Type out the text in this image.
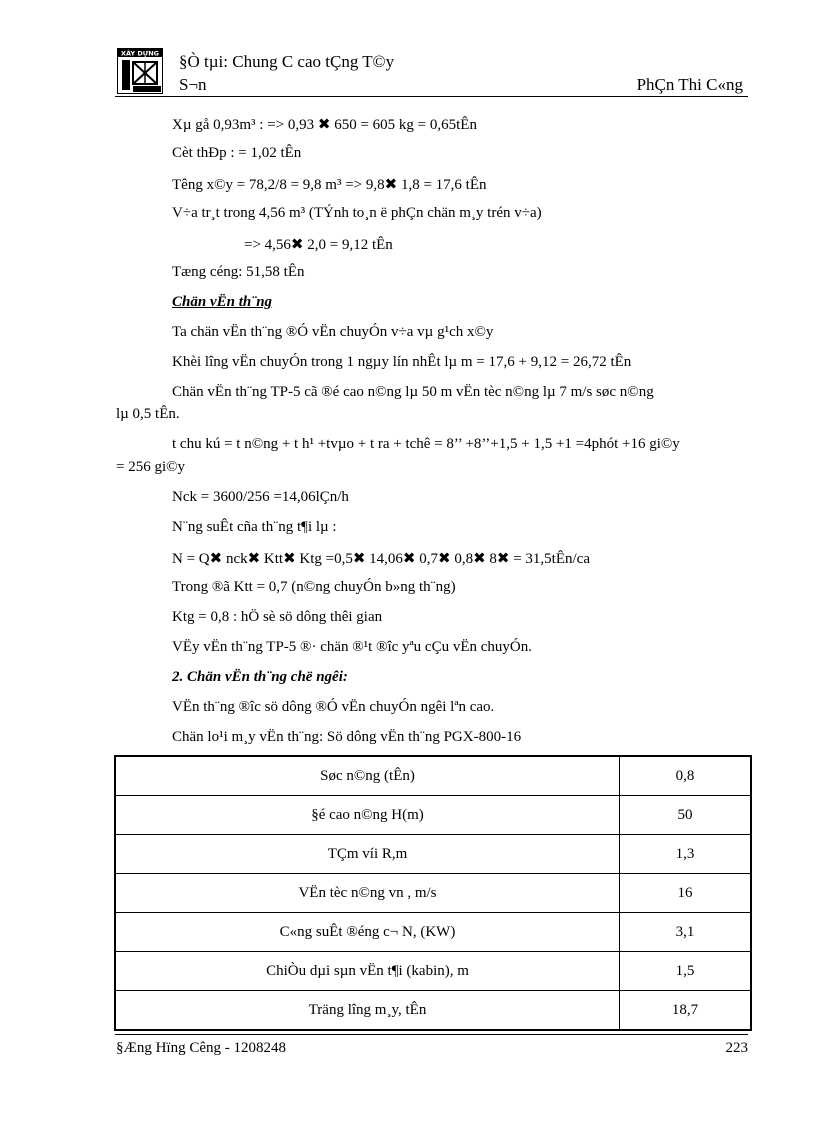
XÂY DỰNG §Ò tµi: Chung C cao tÇng T©y
S¬n	PhÇn Thi C«ng
Xµ gå 0,93m³ : => 0,93 ✖ 650 = 605 kg = 0,65tÊn
Cèt thÐp : = 1,02 tÊn
Têng x©y = 78,2/8 = 9,8 m³ => 9,8✖ 1,8 = 17,6 tÊn
V÷a tr¸t trong 4,56 m³ (TÝnh to¸n ë phÇn chän m¸y trén v÷a)
=> 4,56✖ 2,0 = 9,12 tÊn
Tæng céng: 51,58 tÊn
Chän vËn th¨ng
Ta chän vËn th¨ng ®Ó vËn chuyÓn v÷a vµ g¹ch x©y
Khèi lîng vËn chuyÓn trong 1 ngµy lín nhÊt lµ m = 17,6 + 9,12 = 26,72 tÊn
Chän vËn th¨ng TP-5 cã ®é cao n©ng lµ 50 m vËn tèc n©ng lµ 7 m/s søc n©ng
lµ 0,5 tÊn.
t chu kú = t n©ng + t h¹ +tvµo + t ra + tchê = 8’’ +8’’+1,5 + 1,5 +1 =4phót +16 gi©y
= 256 gi©y
Nck = 3600/256 =14,06lÇn/h
N¨ng suÊt cña th¨ng t¶i lµ :
N = Q✖ nck✖ Ktt✖ Ktg =0,5✖ 14,06✖ 0,7✖ 0,8✖ 8✖ = 31,5tÊn/ca
Trong ®ã Ktt = 0,7 (n©ng chuyÓn b»ng th¨ng)
Ktg = 0,8 : hÖ sè sö dông thêi gian
VËy vËn th¨ng TP-5 ®· chän ®¹t ®îc yªu cÇu vËn chuyÓn.
2. Chän vËn th¨ng chë ngêi:
VËn th¨ng ®îc sö dông ®Ó vËn chuyÓn ngêi lªn cao.
Chän lo¹i m¸y vËn th¨ng: Sö dông vËn th¨ng PGX-800-16
Søc n©ng (tÊn)	0,8
§é cao n©ng H(m)	50
TÇm víi R,m	1,3
VËn tèc n©ng vn , m/s	16
C«ng suÊt ®éng c¬ N, (KW)	3,1
ChiÒu dµi sµn vËn t¶i (kabin), m	1,5
Träng lîng m¸y, tÊn	18,7
§Æng Hïng Cêng - 1208248	223
